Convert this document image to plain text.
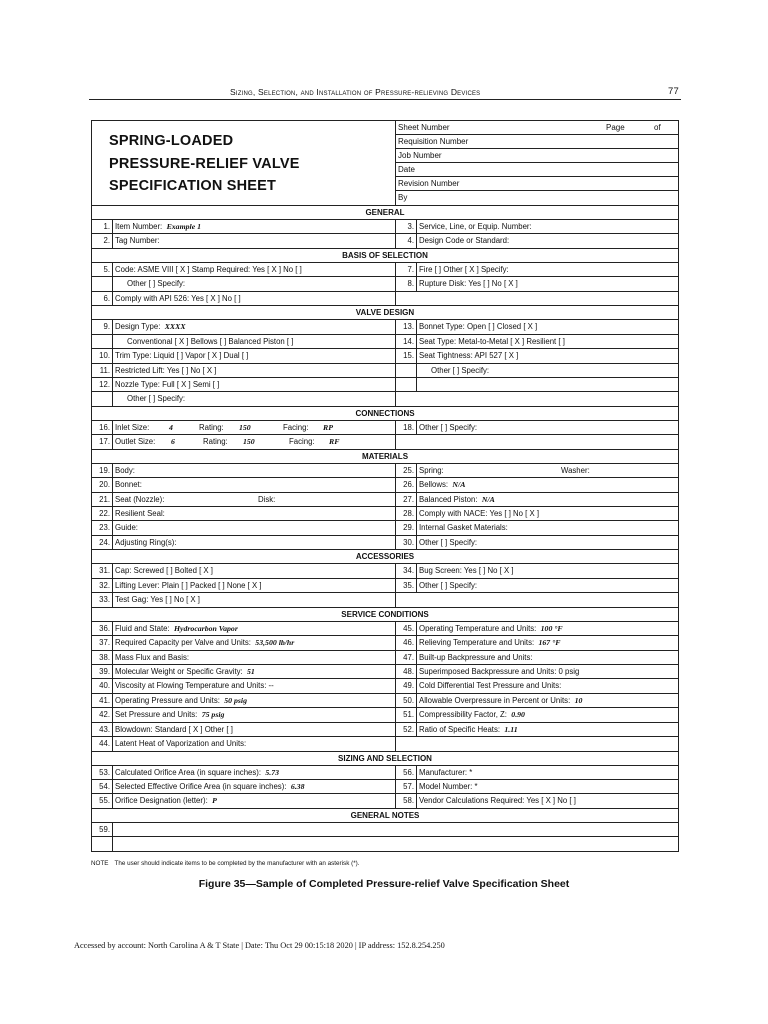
Sizing, Selection, and Installation of Pressure-relieving Devices	77
SPRING-LOADED
PRESSURE-RELIEF VALVE
SPECIFICATION SHEET
Sheet Number	Page	of
Requisition Number
Job Number
Date
Revision Number
By
GENERAL
1. Item Number: Example 1	3. Service, Line, or Equip. Number:
2. Tag Number:	4. Design Code or Standard:
BASIS OF SELECTION
5. Code: ASME VIII [ X ] Stamp Required: Yes [ X ] No [ ]	7. Fire [ ] Other [ X ] Specify:
Other [ ] Specify:	8. Rupture Disk: Yes [ ] No [ X ]
6. Comply with API 526: Yes [ X ] No [ ]
VALVE DESIGN
9. Design Type: XXXX	13. Bonnet Type: Open [ ] Closed [ X ]
Conventional [ X ] Bellows [ ] Balanced Piston [ ]	14. Seat Type: Metal-to-Metal [ X ] Resilient [ ]
10. Trim Type: Liquid [ ] Vapor [ X ] Dual [ ]	15. Seat Tightness: API 527 [ X ]
11. Restricted Lift: Yes [ ] No [ X ]	Other [ ] Specify:
12. Nozzle Type: Full [ X ] Semi [ ]
Other [ ] Specify:
CONNECTIONS
16. Inlet Size:	4	Rating: 150	Facing: RP	18. Other [ ] Specify:
17. Outlet Size: 6	Rating: 150	Facing: RF
MATERIALS
19. Body:	25. Spring:	Washer:
20. Bonnet:	26. Bellows: N/A
21. Seat (Nozzle):	Disk:	27. Balanced Piston: N/A
22. Resilient Seal:	28. Comply with NACE: Yes [ ] No [ X ]
23. Guide:	29. Internal Gasket Materials:
24. Adjusting Ring(s):	30. Other [ ] Specify:
ACCESSORIES
31. Cap: Screwed [ ] Bolted [ X ]	34. Bug Screen: Yes [ ] No [ X ]
32. Lifting Lever: Plain [ ] Packed [ ] None [ X ]	35. Other [ ] Specify:
33. Test Gag: Yes [ ] No [ X ]
SERVICE CONDITIONS
36. Fluid and State: Hydrocarbon Vapor	45. Operating Temperature and Units: 100 °F
37. Required Capacity per Valve and Units: 53,500 lb/hr	46. Relieving Temperature and Units: 167 °F
38. Mass Flux and Basis:	47. Built-up Backpressure and Units:
39. Molecular Weight or Specific Gravity: 51	48. Superimposed Backpressure and Units: 0 psig
40. Viscosity at Flowing Temperature and Units: --	49. Cold Differential Test Pressure and Units:
41. Operating Pressure and Units: 50 psig	50. Allowable Overpressure in Percent or Units: 10
42. Set Pressure and Units: 75 psig	51. Compressibility Factor, Z: 0.90
43. Blowdown: Standard [ X ] Other [ ]	52. Ratio of Specific Heats: 1.11
44. Latent Heat of Vaporization and Units:
SIZING AND SELECTION
53. Calculated Orifice Area (in square inches): 5.73	56. Manufacturer: *
54. Selected Effective Orifice Area (in square inches): 6.38	57. Model Number: *
55. Orifice Designation (letter): P	58. Vendor Calculations Required: Yes [ X ] No [ ]
GENERAL NOTES
59.
NOTE The user should indicate items to be completed by the manufacturer with an asterisk (*).
Figure 35—Sample of Completed Pressure-relief Valve Specification Sheet
Accessed by account: North Carolina A & T State | Date: Thu Oct 29 00:15:18 2020 | IP address: 152.8.254.250
